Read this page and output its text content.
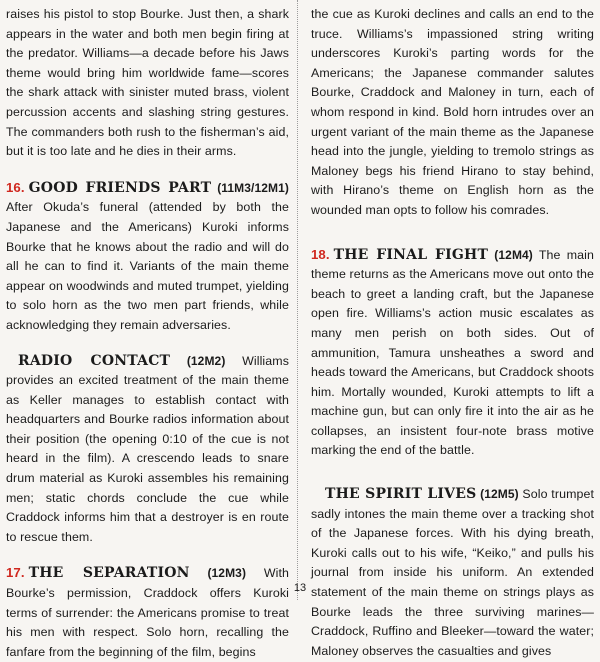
raises his pistol to stop Bourke. Just then, a shark appears in the water and both men begin firing at the predator. Williams—a decade before his Jaws theme would bring him worldwide fame—scores the shark attack with sinister muted brass, violent percussion accents and slashing string gestures. The commanders both rush to the fisherman’s aid, but it is too late and he dies in their arms.

16. GOOD FRIENDS PART (11M3/12M1) After Okuda’s funeral (attended by both the Japanese and the Americans) Kuroki informs Bourke that he knows about the radio and will do all he can to find it. Variants of the main theme appear on woodwinds and muted trumpet, yielding to solo horn as the two men part friends, while acknowledging they remain adversaries.

RADIO CONTACT (12M2) Williams provides an excited treatment of the main theme as Keller manages to establish contact with headquarters and Bourke radios information about their position (the opening 0:10 of the cue is not heard in the film). A crescendo leads to snare drum material as Kuroki assembles his remaining men; static chords conclude the cue while Craddock informs him that a destroyer is en route to rescue them.

17. THE SEPARATION (12M3) With Bourke’s permission, Craddock offers Kuroki terms of surrender: the Americans promise to treat his men with respect. Solo horn, recalling the fanfare from the beginning of the film, begins

the cue as Kuroki declines and calls an end to the truce. Williams’s impassioned string writing underscores Kuroki’s parting words for the Americans; the Japanese commander salutes Bourke, Craddock and Maloney in turn, each of whom respond in kind. Bold horn intrudes over an urgent variant of the main theme as the Japanese head into the jungle, yielding to tremolo strings as Maloney begs his friend Hirano to stay behind, with Hirano’s theme on English horn as the wounded man opts to follow his comrades.

18. THE FINAL FIGHT (12M4) The main theme returns as the Americans move out onto the beach to greet a landing craft, but the Japanese open fire. Williams’s action music escalates as many men perish on both sides. Out of ammunition, Tamura unsheathes a sword and heads toward the Americans, but Craddock shoots him. Mortally wounded, Kuroki attempts to lift a machine gun, but can only fire it into the air as he collapses, an insistent four-note brass motive marking the end of the battle.

THE SPIRIT LIVES (12M5) Solo trumpet sadly intones the main theme over a tracking shot of the Japanese forces. With his dying breath, Kuroki calls out to his wife, “Keiko,” and pulls his journal from inside his uniform. An extended statement of the main theme on strings plays as Bourke leads the three surviving marines—Craddock, Ruffino and Bleeker—toward the water; Maloney observes the casualties and gives

13
